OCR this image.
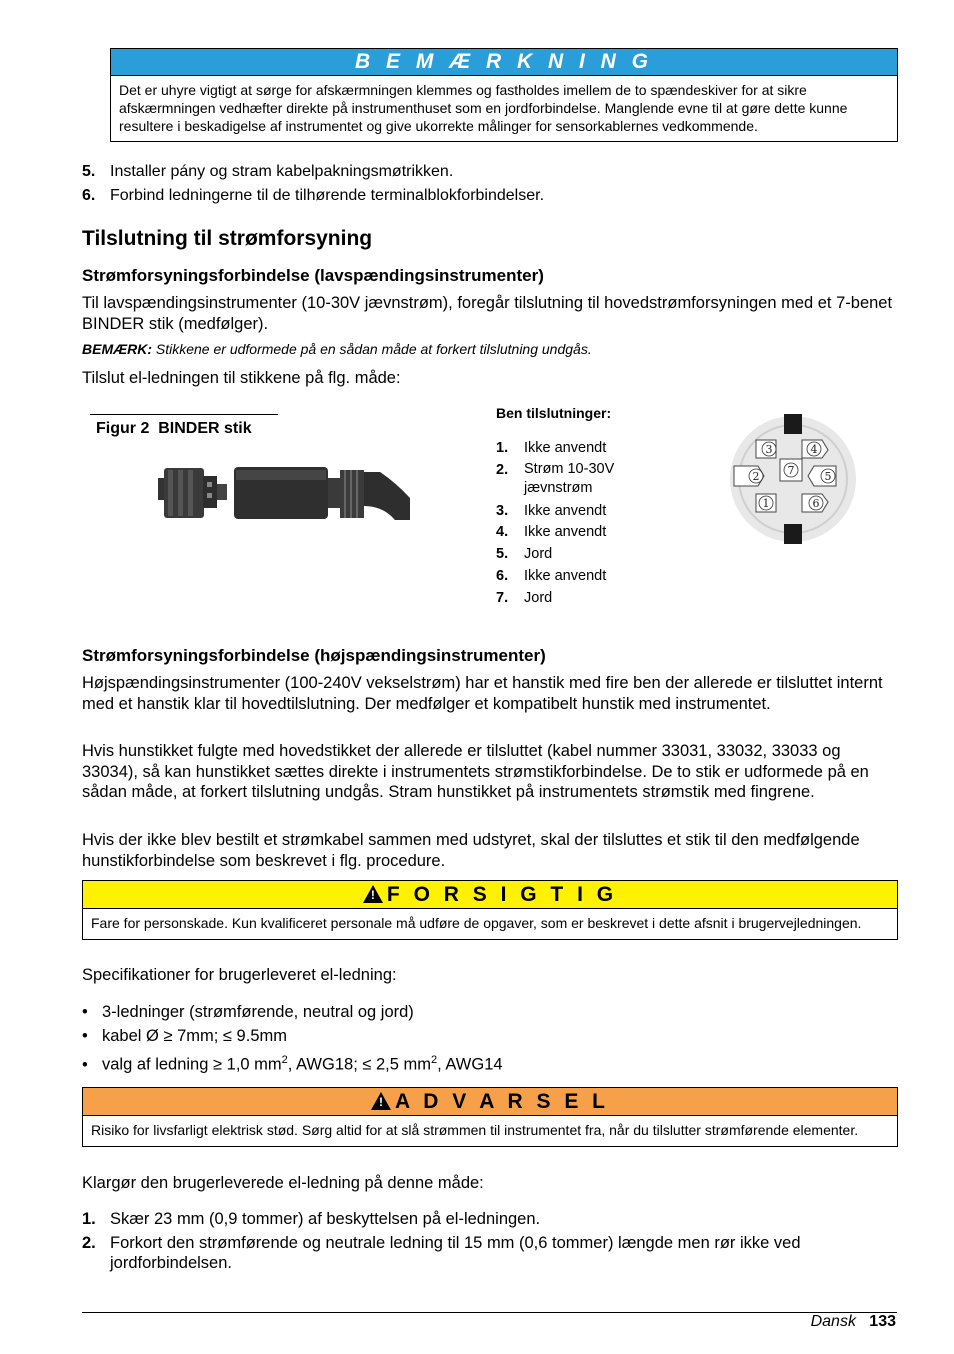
B E M Æ R K N I N G
Det er uhyre vigtigt at sørge for afskærmningen klemmes og fastholdes imellem de to spændeskiver for at sikre afskærmningen vedhæfter direkte på instrumenthuset som en jordforbindelse. Manglende evne til at gøre dette kunne resultere i beskadigelse af instrumentet og give ukorrekte målinger for sensorkablernes vedkommende.
5. Installer pány og stram kabelpakningsmøtrikken.
6. Forbind ledningerne til de tilhørende terminalblokforbindelser.
Tilslutning til strømforsyning
Strømforsyningsforbindelse (lavspændingsinstrumenter)
Til lavspændingsinstrumenter (10-30V jævnstrøm), foregår tilslutning til hovedstrømforsyningen med et 7-benet BINDER stik (medfølger).
BEMÆRK: Stikkene er udformede på en sådan måde at forkert tilslutning undgås.
Tilslut el-ledningen til stikkene på flg. måde:
Figur 2 BINDER stik
Ben tilslutninger:
1. Ikke anvendt
2.	Strøm 10-30V jævnstrøm
3. Ikke anvendt
4. Ikke anvendt
5. Jord
6. Ikke anvendt
7. Jord
3	4
2	5
1	6
7
Strømforsyningsforbindelse (højspændingsinstrumenter)
Højspændingsinstrumenter (100-240V vekselstrøm) har et hanstik med fire ben der allerede er tilsluttet internt med et hanstik klar til hovedtilslutning. Der medfølger et kompatibelt hunstik med instrumentet.
Hvis hunstikket fulgte med hovedstikket der allerede er tilsluttet (kabel nummer 33031, 33032, 33033 og 33034), så kan hunstikket sættes direkte i instrumentets strømstikforbindelse. De to stik er udformede på en sådan måde, at forkert tilslutning undgås. Stram hunstikket på instrumentets strømstik med fingrene.
Hvis der ikke blev bestilt et strømkabel sammen med udstyret, skal der tilsluttes et stik til den medfølgende hunstikforbindelse som beskrevet i flg. procedure.
! F O R S I G T I G
Fare for personskade. Kun kvalificeret personale må udføre de opgaver, som er beskrevet i dette afsnit i brugervejledningen.
Specifikationer for brugerleveret el-ledning:
• 3-ledninger (strømførende, neutral og jord)
• kabel Ø ≥ 7mm; ≤ 9.5mm
• valg af ledning ≥ 1,0 $mm^2$, AWG18; ≤ 2,5 $mm^2$, AWG14
! A D V A R S E L
Risiko for livsfarligt elektrisk stød. Sørg altid for at slå strømmen til instrumentet fra, når du tilslutter strømførende elementer.
Klargør den brugerleverede el-ledning på denne måde:
1. Skær 23 mm (0,9 tommer) af beskyttelsen på el-ledningen.
2. Forkort den strømførende og neutrale ledning til 15 mm (0,6 tommer) længde men rør ikke ved jordforbindelsen.
Dansk 133
